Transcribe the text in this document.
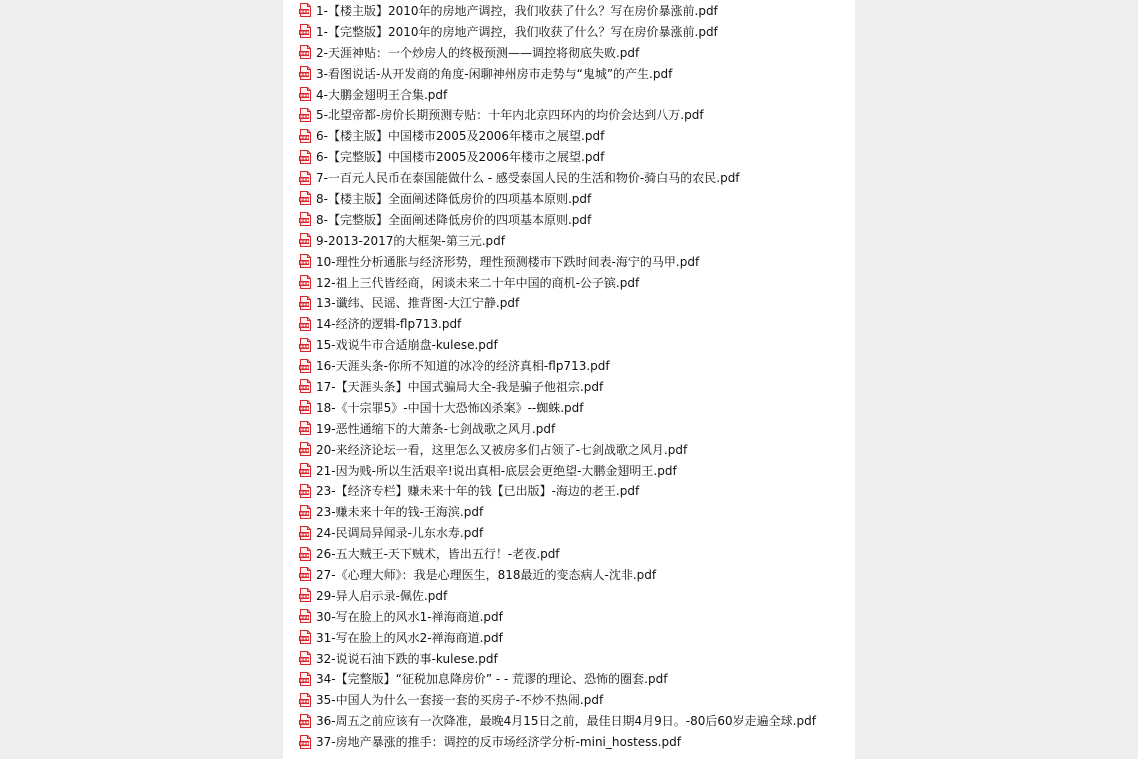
1-【楼主版】2010年的房地产调控，我们收获了什么？写在房价暴涨前.pdf
1-【完整版】2010年的房地产调控，我们收获了什么？写在房价暴涨前.pdf
2-天涯神贴：一个炒房人的终极预测——调控将彻底失败.pdf
3-看图说话-从开发商的角度-闲聊神州房市走势与“鬼城”的产生.pdf
4-大鹏金翅明王合集.pdf
5-北望帝都-房价长期预测专贴：十年内北京四环内的均价会达到八万.pdf
6-【楼主版】中国楼市2005及2006年楼市之展望.pdf
6-【完整版】中国楼市2005及2006年楼市之展望.pdf
7-一百元人民币在泰国能做什么 - 感受泰国人民的生活和物价-骑白马的农民.pdf
8-【楼主版】全面阐述降低房价的四项基本原则.pdf
8-【完整版】全面阐述降低房价的四项基本原则.pdf
9-2013-2017的大框架-第三元.pdf
10-理性分析通胀与经济形势，理性预测楼市下跌时间表-海宁的马甲.pdf
12-祖上三代皆经商，闲谈未来二十年中国的商机-公子镔.pdf
13-谶纬、民谣、推背图-大江宁静.pdf
14-经济的逻辑-flp713.pdf
15-戏说牛市合适崩盘-kulese.pdf
16-天涯头条-你所不知道的冰冷的经济真相-flp713.pdf
17-【天涯头条】中国式骗局大全-我是骗子他祖宗.pdf
18-《十宗罪5》-中国十大恐怖凶杀案》--蜘蛛.pdf
19-恶性通缩下的大萧条-七剑战歌之风月.pdf
20-来经济论坛一看，这里怎么又被房多们占领了-七剑战歌之风月.pdf
21-因为贱-所以生活艰辛!说出真相-底层会更绝望-大鹏金翅明王.pdf
23-【经济专栏】赚未来十年的钱【已出版】-海边的老王.pdf
23-赚未来十年的钱-王海滨.pdf
24-民调局异闻录-儿东水寿.pdf
26-五大贼王-天下贼术，皆出五行！-老夜.pdf
27-《心理大师》：我是心理医生，818最近的变态病人-沈非.pdf
29-异人启示录-佩佐.pdf
30-写在脸上的风水1-禅海商道.pdf
31-写在脸上的风水2-禅海商道.pdf
32-说说石油下跌的事-kulese.pdf
34-【完整版】“征税加息降房价” - - 荒谬的理论、恐怖的圈套.pdf
35-中国人为什么一套接一套的买房子-不炒不热闹.pdf
36-周五之前应该有一次降准，最晚4月15日之前，最佳日期4月9日。-80后60岁走遍全球.pdf
37-房地产暴涨的推手：调控的反市场经济学分析-mini_hostess.pdf
